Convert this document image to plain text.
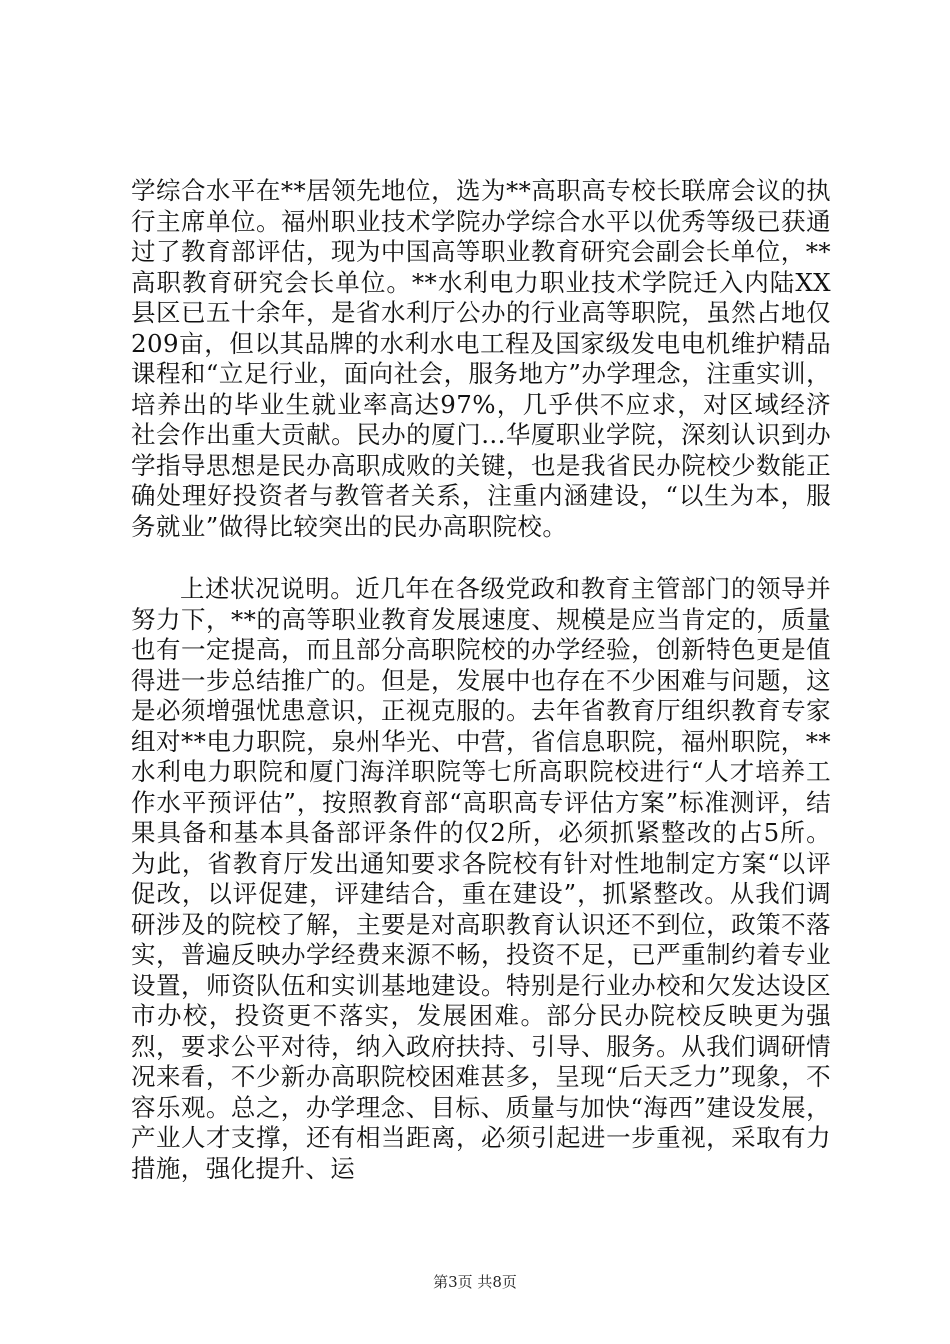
学综合水平在**居领先地位，选为**高职高专校长联席会议的执行主席单位。福州职业技术学院办学综合水平以优秀等级已获通过了教育部评估，现为中国高等职业教育研究会副会长单位，**高职教育研究会长单位。**水利电力职业技术学院迁入内陆XX县区已五十余年，是省水利厅公办的行业高等职院，虽然占地仅209亩，但以其品牌的水利水电工程及国家级发电电机维护精品课程和“立足行业，面向社会，服务地方”办学理念，注重实训，培养出的毕业生就业率高达97%，几乎供不应求，对区域经济社会作出重大贡献。民办的厦门...华厦职业学院，深刻认识到办学指导思想是民办高职成败的关键，也是我省民办院校少数能正确处理好投资者与教管者关系，注重内涵建设，“以生为本，服务就业”做得比较突出的民办高职院校。

上述状况说明。近几年在各级党政和教育主管部门的领导并努力下，**的高等职业教育发展速度、规模是应当肯定的，质量也有一定提高，而且部分高职院校的办学经验，创新特色更是值得进一步总结推广的。但是，发展中也存在不少困难与问题，这是必须增强忧患意识，正视克服的。去年省教育厅组织教育专家组对**电力职院，泉州华光、中营，省信息职院，福州职院，**水利电力职院和厦门海洋职院等七所高职院校进行“人才培养工作水平预评估”，按照教育部“高职高专评估方案”标准测评，结果具备和基本具备部评条件的仅2所，必须抓紧整改的占5所。为此，省教育厅发出通知要求各院校有针对性地制定方案“以评促改，以评促建，评建结合，重在建设”，抓紧整改。从我们调研涉及的院校了解，主要是对高职教育认识还不到位，政策不落实，普遍反映办学经费来源不畅，投资不足，已严重制约着专业设置，师资队伍和实训基地建设。特别是行业办校和欠发达设区市办校，投资更不落实，发展困难。部分民办院校反映更为强烈，要求公平对待，纳入政府扶持、引导、服务。从我们调研情况来看，不少新办高职院校困难甚多，呈现“后天乏力”现象，不容乐观。总之，办学理念、目标、质量与加快“海西”建设发展，产业人才支撑，还有相当距离，必须引起进一步重视，采取有力措施，强化提升、运

第3页 共8页
